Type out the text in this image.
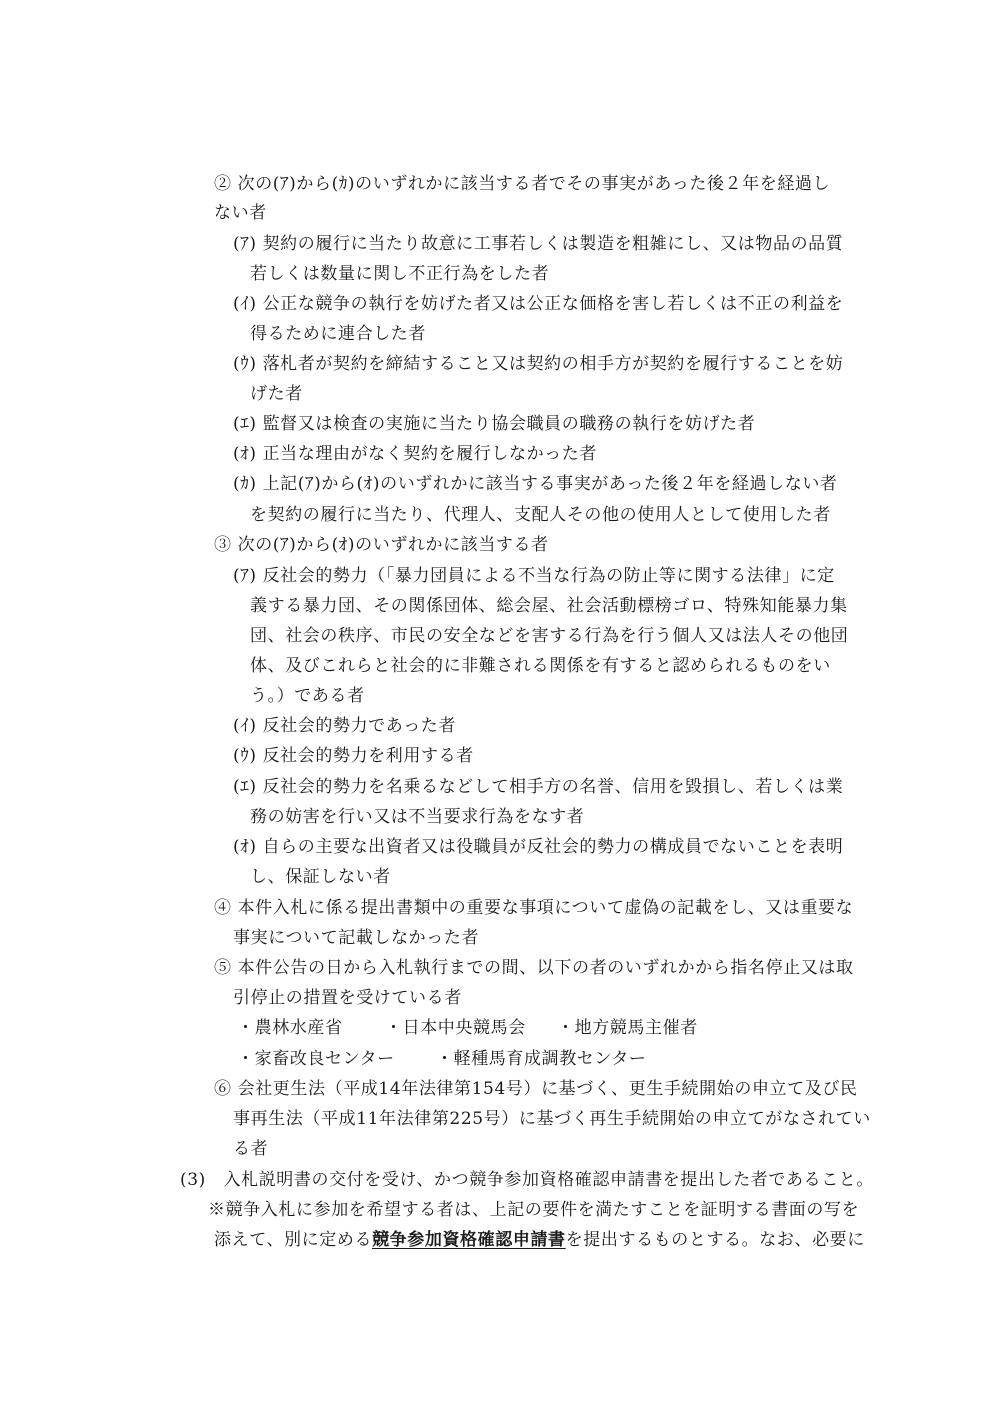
② 次の(ｱ)から(ｶ)のいずれかに該当する者でその事実があった後２年を経過し
ない者
(ｱ) 契約の履行に当たり故意に工事若しくは製造を粗雑にし、又は物品の品質
若しくは数量に関し不正行為をした者
(ｲ) 公正な競争の執行を妨げた者又は公正な価格を害し若しくは不正の利益を
得るために連合した者
(ｳ) 落札者が契約を締結すること又は契約の相手方が契約を履行することを妨
げた者
(ｴ) 監督又は検査の実施に当たり協会職員の職務の執行を妨げた者
(ｵ) 正当な理由がなく契約を履行しなかった者
(ｶ) 上記(ｱ)から(ｵ)のいずれかに該当する事実があった後２年を経過しない者
を契約の履行に当たり、代理人、支配人その他の使用人として使用した者
③ 次の(ｱ)から(ｵ)のいずれかに該当する者
(ｱ) 反社会的勢力（「暴力団員による不当な行為の防止等に関する法律」に定
義する暴力団、その関係団体、総会屋、社会活動標榜ゴロ、特殊知能暴力集
団、社会の秩序、市民の安全などを害する行為を行う個人又は法人その他団
体、及びこれらと社会的に非難される関係を有すると認められるものをい
う。）である者
(ｲ) 反社会的勢力であった者
(ｳ) 反社会的勢力を利用する者
(ｴ) 反社会的勢力を名乗るなどして相手方の名誉、信用を毀損し、若しくは業
務の妨害を行い又は不当要求行為をなす者
(ｵ) 自らの主要な出資者又は役職員が反社会的勢力の構成員でないことを表明
し、保証しない者
④ 本件入札に係る提出書類中の重要な事項について虚偽の記載をし、又は重要な
事実について記載しなかった者
⑤ 本件公告の日から入札執行までの間、以下の者のいずれかから指名停止又は取
引停止の措置を受けている者
・農林水産省 ・日本中央競馬会 ・地方競馬主催者
・家畜改良センター ・軽種馬育成調教センター
⑥ 会社更生法（平成14年法律第154号）に基づく、更生手続開始の申立て及び民
事再生法（平成11年法律第225号）に基づく再生手続開始の申立てがなされてい
る者
(3)　入札説明書の交付を受け、かつ競争参加資格確認申請書を提出した者であること。
※競争入札に参加を希望する者は、上記の要件を満たすことを証明する書面の写を
添えて、別に定める競争参加資格確認申請書を提出するものとする。なお、必要に
